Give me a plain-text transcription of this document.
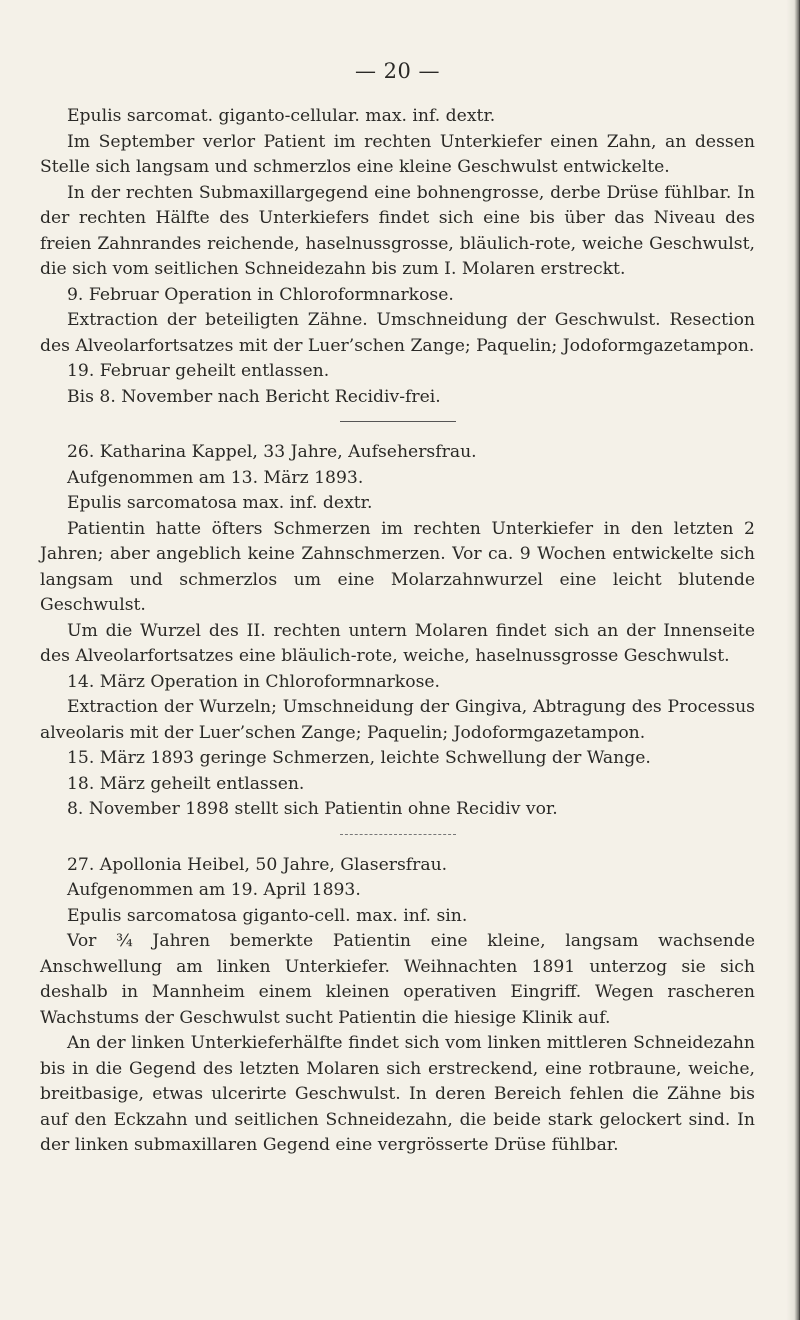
— 20 —

Epulis sarcomat. giganto-cellular. max. inf. dextr.

Im September verlor Patient im rechten Unterkiefer einen Zahn, an dessen Stelle sich langsam und schmerzlos eine kleine Geschwulst entwickelte.

In der rechten Submaxillargegend eine bohnengrosse, derbe Drüse fühlbar. In der rechten Hälfte des Unterkiefers findet sich eine bis über das Niveau des freien Zahnrandes reichende, haselnussgrosse, bläulich-rote, weiche Geschwulst, die sich vom seitlichen Schneidezahn bis zum I. Molaren erstreckt.

9. Februar Operation in Chloroformnarkose.

Extraction der beteiligten Zähne. Umschneidung der Geschwulst. Resection des Alveolarfortsatzes mit der Luer’schen Zange; Paquelin; Jodoformgazetampon.

19. Februar geheilt entlassen.

Bis 8. November nach Bericht Recidiv-frei.

26. Katharina Kappel, 33 Jahre, Aufsehersfrau.

Aufgenommen am 13. März 1893.

Epulis sarcomatosa max. inf. dextr.

Patientin hatte öfters Schmerzen im rechten Unterkiefer in den letzten 2 Jahren; aber angeblich keine Zahnschmerzen. Vor ca. 9 Wochen entwickelte sich langsam und schmerzlos um eine Molarzahnwurzel eine leicht blutende Geschwulst.

Um die Wurzel des II. rechten untern Molaren findet sich an der Innenseite des Alveolarfortsatzes eine bläulich-rote, weiche, haselnussgrosse Geschwulst.

14. März Operation in Chloroformnarkose.

Extraction der Wurzeln; Umschneidung der Gingiva, Abtragung des Processus alveolaris mit der Luer’schen Zange; Paquelin; Jodoformgazetampon.

15. März 1893 geringe Schmerzen, leichte Schwellung der Wange.

18. März geheilt entlassen.

8. November 1898 stellt sich Patientin ohne Recidiv vor.

27. Apollonia Heibel, 50 Jahre, Glasersfrau.

Aufgenommen am 19. April 1893.

Epulis sarcomatosa giganto-cell. max. inf. sin.

Vor ¾ Jahren bemerkte Patientin eine kleine, langsam wachsende Anschwellung am linken Unterkiefer. Weihnachten 1891 unterzog sie sich deshalb in Mannheim einem kleinen operativen Eingriff. Wegen rascheren Wachstums der Geschwulst sucht Patientin die hiesige Klinik auf.

An der linken Unterkieferhälfte findet sich vom linken mittleren Schneidezahn bis in die Gegend des letzten Molaren sich erstreckend, eine rotbraune, weiche, breitbasige, etwas ulcerirte Geschwulst. In deren Bereich fehlen die Zähne bis auf den Eckzahn und seitlichen Schneidezahn, die beide stark gelockert sind. In der linken submaxillaren Gegend eine vergrösserte Drüse fühlbar.
